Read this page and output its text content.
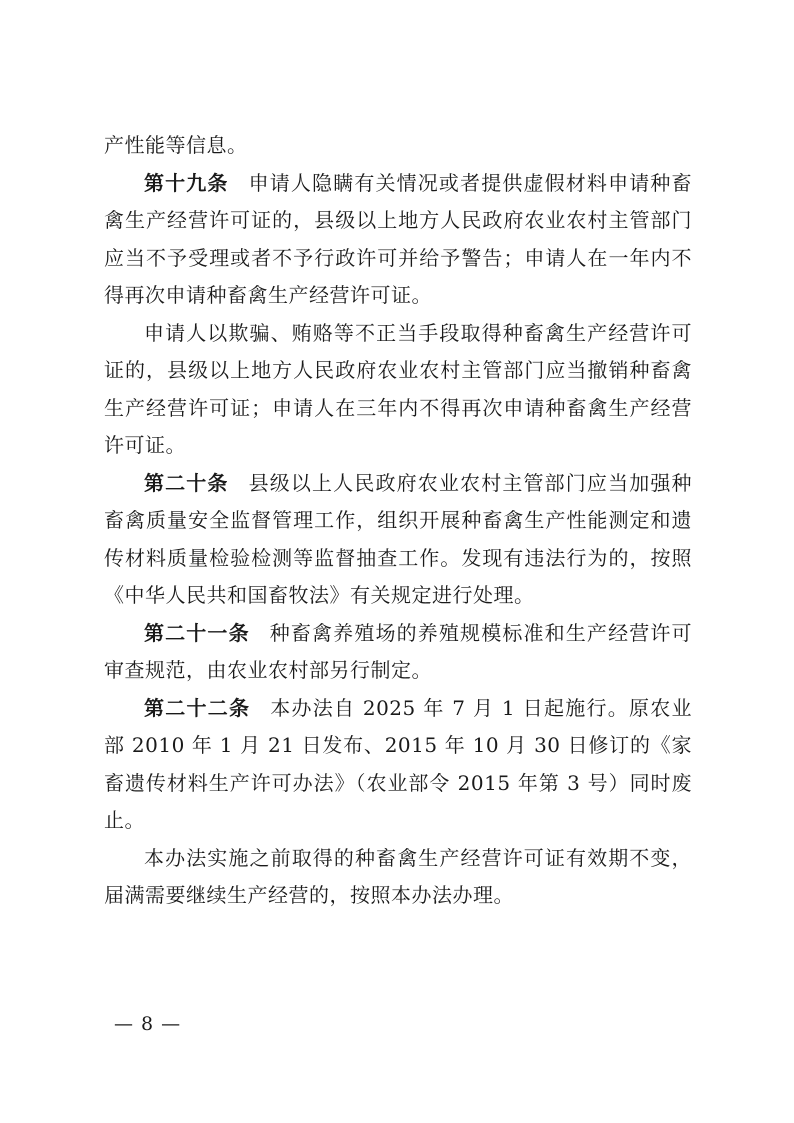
产性能等信息。

第十九条 申请人隐瞒有关情况或者提供虚假材料申请种畜禽生产经营许可证的，县级以上地方人民政府农业农村主管部门应当不予受理或者不予行政许可并给予警告；申请人在一年内不得再次申请种畜禽生产经营许可证。

申请人以欺骗、贿赂等不正当手段取得种畜禽生产经营许可证的，县级以上地方人民政府农业农村主管部门应当撤销种畜禽生产经营许可证；申请人在三年内不得再次申请种畜禽生产经营许可证。

第二十条 县级以上人民政府农业农村主管部门应当加强种畜禽质量安全监督管理工作，组织开展种畜禽生产性能测定和遗传材料质量检验检测等监督抽查工作。发现有违法行为的，按照《中华人民共和国畜牧法》有关规定进行处理。

第二十一条 种畜禽养殖场的养殖规模标准和生产经营许可审查规范，由农业农村部另行制定。

第二十二条 本办法自 2025 年 7 月 1 日起施行。原农业部 2010 年 1 月 21 日发布、2015 年 10 月 30 日修订的《家畜遗传材料生产许可办法》（农业部令 2015 年第 3 号）同时废止。

本办法实施之前取得的种畜禽生产经营许可证有效期不变，届满需要继续生产经营的，按照本办法办理。

— 8 —
